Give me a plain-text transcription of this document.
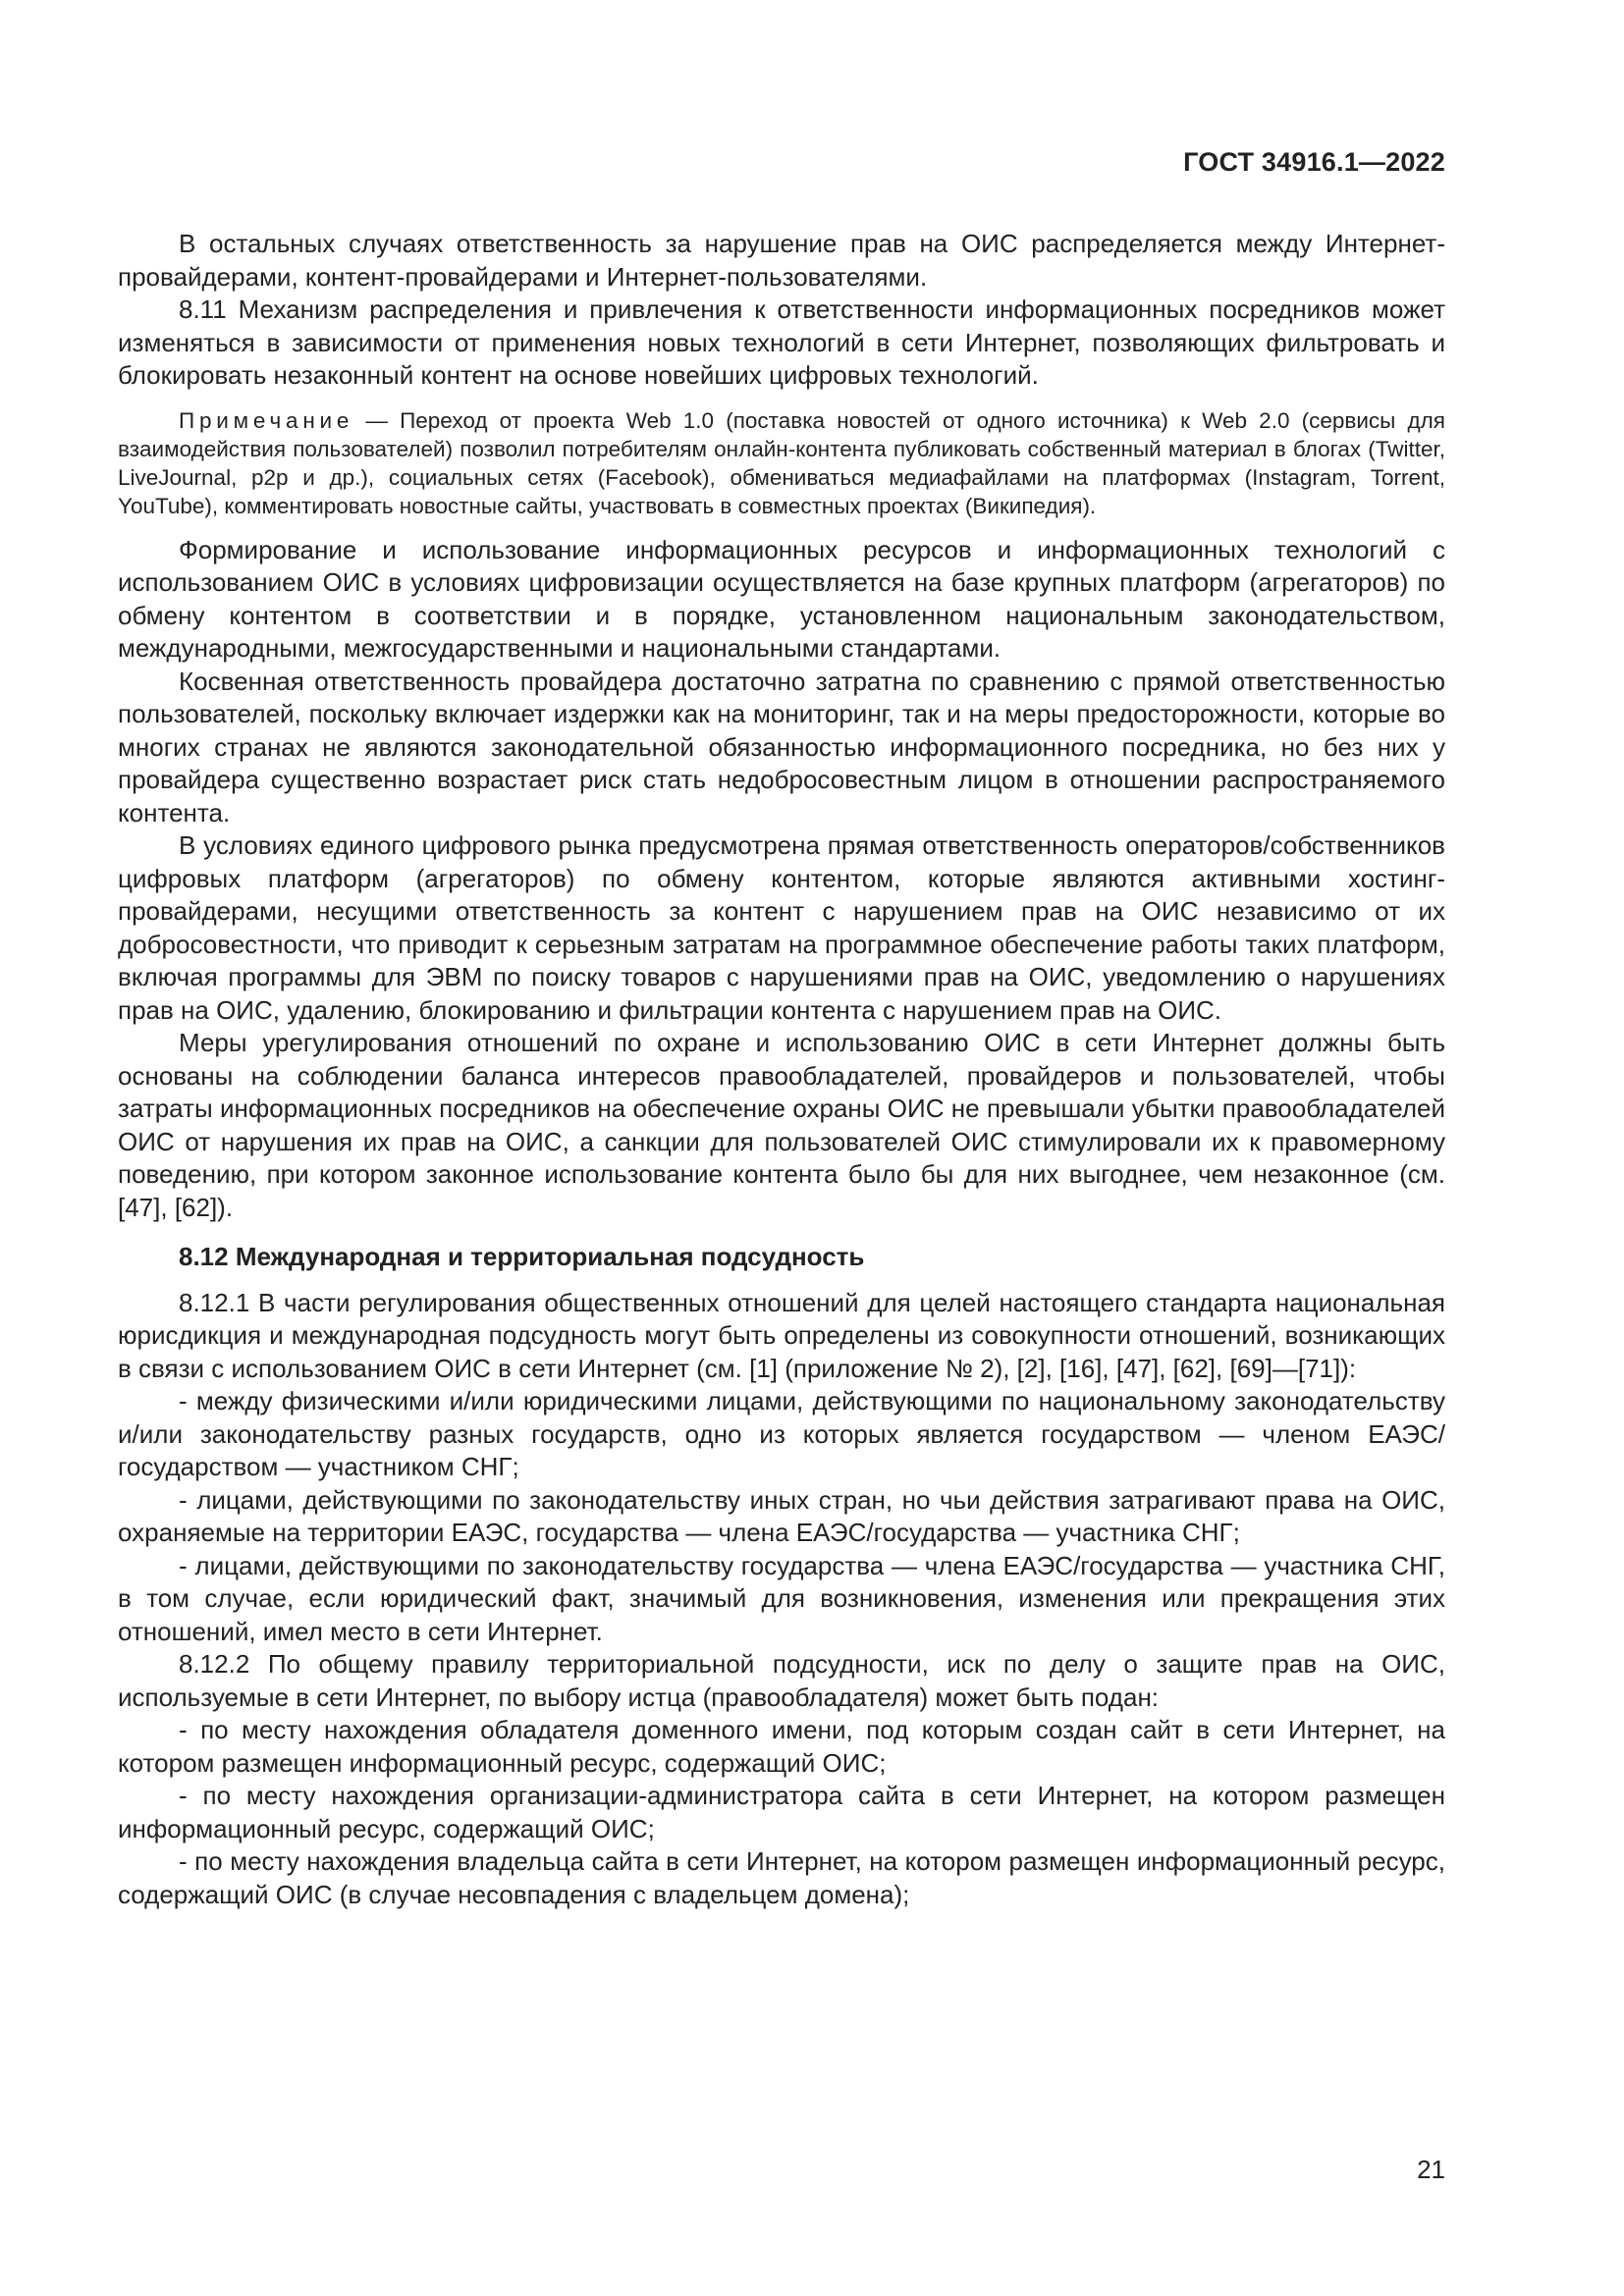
ГОСТ 34916.1—2022

В остальных случаях ответственность за нарушение прав на ОИС распределяется между Интернет-провайдерами, контент-провайдерами и Интернет-пользователями.

8.11 Механизм распределения и привлечения к ответственности информационных посредников может изменяться в зависимости от применения новых технологий в сети Интернет, позволяющих фильтровать и блокировать незаконный контент на основе новейших цифровых технологий.

Примечание — Переход от проекта Web 1.0 (поставка новостей от одного источника) к Web 2.0 (сервисы для взаимодействия пользователей) позволил потребителям онлайн-контента публиковать собственный материал в блогах (Twitter, LiveJournal, p2p и др.), социальных сетях (Facebook), обмениваться медиафайлами на платформах (Instagram, Torrent, YouTube), комментировать новостные сайты, участвовать в совместных проектах (Википедия).

Формирование и использование информационных ресурсов и информационных технологий с использованием ОИС в условиях цифровизации осуществляется на базе крупных платформ (агрегаторов) по обмену контентом в соответствии и в порядке, установленном национальным законодательством, международными, межгосударственными и национальными стандартами.

Косвенная ответственность провайдера достаточно затратна по сравнению с прямой ответственностью пользователей, поскольку включает издержки как на мониторинг, так и на меры предосторожности, которые во многих странах не являются законодательной обязанностью информационного посредника, но без них у провайдера существенно возрастает риск стать недобросовестным лицом в отношении распространяемого контента.

В условиях единого цифрового рынка предусмотрена прямая ответственность операторов/собственников цифровых платформ (агрегаторов) по обмену контентом, которые являются активными хостинг-провайдерами, несущими ответственность за контент с нарушением прав на ОИС независимо от их добросовестности, что приводит к серьезным затратам на программное обеспечение работы таких платформ, включая программы для ЭВМ по поиску товаров с нарушениями прав на ОИС, уведомлению о нарушениях прав на ОИС, удалению, блокированию и фильтрации контента с нарушением прав на ОИС.

Меры урегулирования отношений по охране и использованию ОИС в сети Интернет должны быть основаны на соблюдении баланса интересов правообладателей, провайдеров и пользователей, чтобы затраты информационных посредников на обеспечение охраны ОИС не превышали убытки правообладателей ОИС от нарушения их прав на ОИС, а санкции для пользователей ОИС стимулировали их к правомерному поведению, при котором законное использование контента было бы для них выгоднее, чем незаконное (см. [47], [62]).

8.12 Международная и территориальная подсудность

8.12.1 В части регулирования общественных отношений для целей настоящего стандарта национальная юрисдикция и международная подсудность могут быть определены из совокупности отношений, возникающих в связи с использованием ОИС в сети Интернет (см. [1] (приложение № 2), [2], [16], [47], [62], [69]—[71]):

- между физическими и/или юридическими лицами, действующими по национальному законодательству и/или законодательству разных государств, одно из которых является государством — членом ЕАЭС/государством — участником СНГ;

- лицами, действующими по законодательству иных стран, но чьи действия затрагивают права на ОИС, охраняемые на территории ЕАЭС, государства — члена ЕАЭС/государства — участника СНГ;

- лицами, действующими по законодательству государства — члена ЕАЭС/государства — участника СНГ, в том случае, если юридический факт, значимый для возникновения, изменения или прекращения этих отношений, имел место в сети Интернет.

8.12.2 По общему правилу территориальной подсудности, иск по делу о защите прав на ОИС, используемые в сети Интернет, по выбору истца (правообладателя) может быть подан:

- по месту нахождения обладателя доменного имени, под которым создан сайт в сети Интернет, на котором размещен информационный ресурс, содержащий ОИС;

- по месту нахождения организации-администратора сайта в сети Интернет, на котором размещен информационный ресурс, содержащий ОИС;

- по месту нахождения владельца сайта в сети Интернет, на котором размещен информационный ресурс, содержащий ОИС (в случае несовпадения с владельцем домена);

21
